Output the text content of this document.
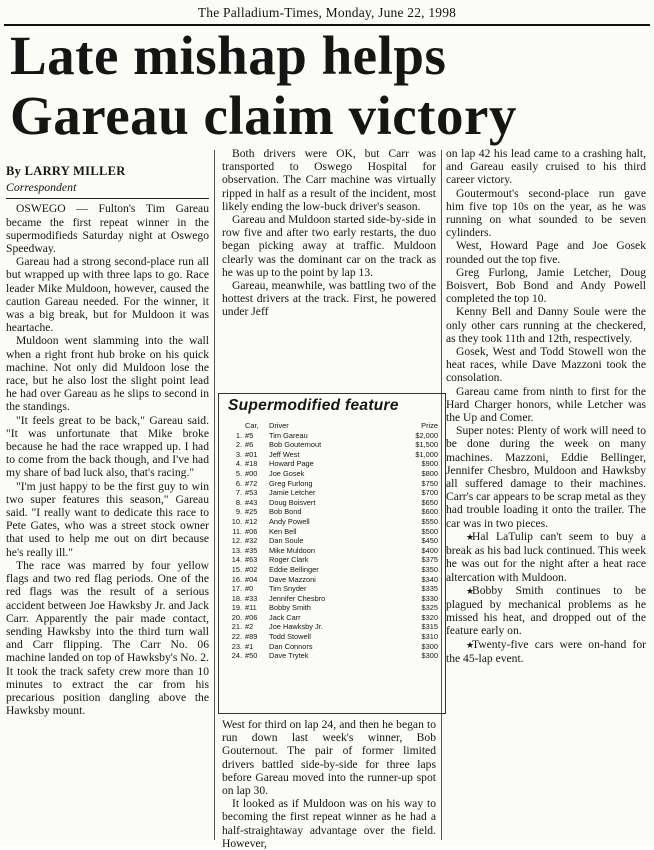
The Palladium-Times, Monday, June 22, 1998
Late mishap helps
Gareau claim victory
By LARRY MILLER
Correspondent

OSWEGO — Fulton's Tim Gareau became the first repeat winner in the supermodifieds Saturday night at Oswego Speedway.

Gareau had a strong second-place run all but wrapped up with three laps to go. Race leader Mike Muldoon, however, caused the caution Gareau needed. For the winner, it was a big break, but for Muldoon it was heartache.

Muldoon went slamming into the wall when a right front hub broke on his quick machine. Not only did Muldoon lose the race, but he also lost the slight point lead he had over Gareau as he slips to second in the standings.

"It feels great to be back," Gareau said. "It was unfortunate that Mike broke because he had the race wrapped up. I had to come from the back though, and I've had my share of bad luck also, that's racing."

"I'm just happy to be the first guy to win two super features this season," Gareau said. "I really want to dedicate this race to Pete Gates, who was a street stock owner that used to help me out on dirt because he's really ill."

The race was marred by four yellow flags and two red flag periods. One of the red flags was the result of a serious accident between Joe Hawksby Jr. and Jack Carr. Apparently the pair made contact, sending Hawksby into the third turn wall and Carr flipping. The Carr No. 06 machine landed on top of Hawksby's No. 2. It took the track safety crew more than 10 minutes to extract the car from his precarious position dangling above the Hawksby mount.

Both drivers were OK, but Carr was transported to Oswego Hospital for observation. The Carr machine was virtually ripped in half as a result of the incident, most likely ending the low-buck driver's season.

Gareau and Muldoon started side-by-side in row five and after two early restarts, the duo began picking away at traffic. Muldoon clearly was the dominant car on the track as he was up to the point by lap 13.

Gareau, meanwhile, was battling two of the hottest drivers at the track. First, he powered under Jeff

Supermodified feature
	Car,	Driver	Prize
1.	#5	Tim Gareau	$2,000
2.	#6	Bob Gouternout	$1,500
3.	#01	Jeff West	$1,000
4.	#18	Howard Page	$900
5.	#00	Joe Gosek	$800
6.	#72	Greg Furlong	$750
7.	#53	Jamie Letcher	$700
8.	#43	Doug Boisvert	$650
9.	#25	Bob Bond	$600
10.	#12	Andy Powell	$550
11.	#06	Ken Bell	$500
12.	#32	Dan Soule	$450
13.	#35	Mike Muldoon	$400
14.	#63	Roger Clark	$375
15.	#02	Eddie Bellinger	$350
16.	#04	Dave Mazzoni	$340
17.	#0	Tim Snyder	$335
18.	#33	Jennifer Chesbro	$330
19.	#11	Bobby Smith	$325
20.	#06	Jack Carr	$320
21.	#2	Joe Hawksby Jr.	$315
22.	#89	Todd Stowell	$310
23.	#1	Dan Connors	$300
24.	#50	Dave Trytek	$300

West for third on lap 24, and then he began to run down last week's winner, Bob Gouternout. The pair of former limited drivers battled side-by-side for three laps before Gareau moved into the runner-up spot on lap 30.

It looked as if Muldoon was on his way to becoming the first repeat winner as he had a half-straightaway advantage over the field. However,

on lap 42 his lead came to a crashing halt, and Gareau easily cruised to his third career victory.

Goutermout's second-place run gave him five top 10s on the year, as he was running on what sounded to be seven cylinders.

West, Howard Page and Joe Gosek rounded out the top five.

Greg Furlong, Jamie Letcher, Doug Boisvert, Bob Bond and Andy Powell completed the top 10.

Kenny Bell and Danny Soule were the only other cars running at the checkered, as they took 11th and 12th, respectively.

Gosek, West and Todd Stowell won the heat races, while Dave Mazzoni took the consolation.

Gareau came from ninth to first for the Hard Charger honors, while Letcher was the Up and Comer.

Super notes: Plenty of work will need to be done during the week on many machines. Mazzoni, Eddie Bellinger, Jennifer Chesbro, Muldoon and Hawksby all suffered damage to their machines. Carr's car appears to be scrap metal as they had trouble loading it onto the trailer. The car was in two pieces.

★Hal LaTulip can't seem to buy a break as his bad luck continued. This week he was out for the night after a heat race altercation with Muldoon.

★Bobby Smith continues to be plagued by mechanical problems as he missed his heat, and dropped out of the feature early on.

★Twenty-five cars were on-hand for the 45-lap event.
